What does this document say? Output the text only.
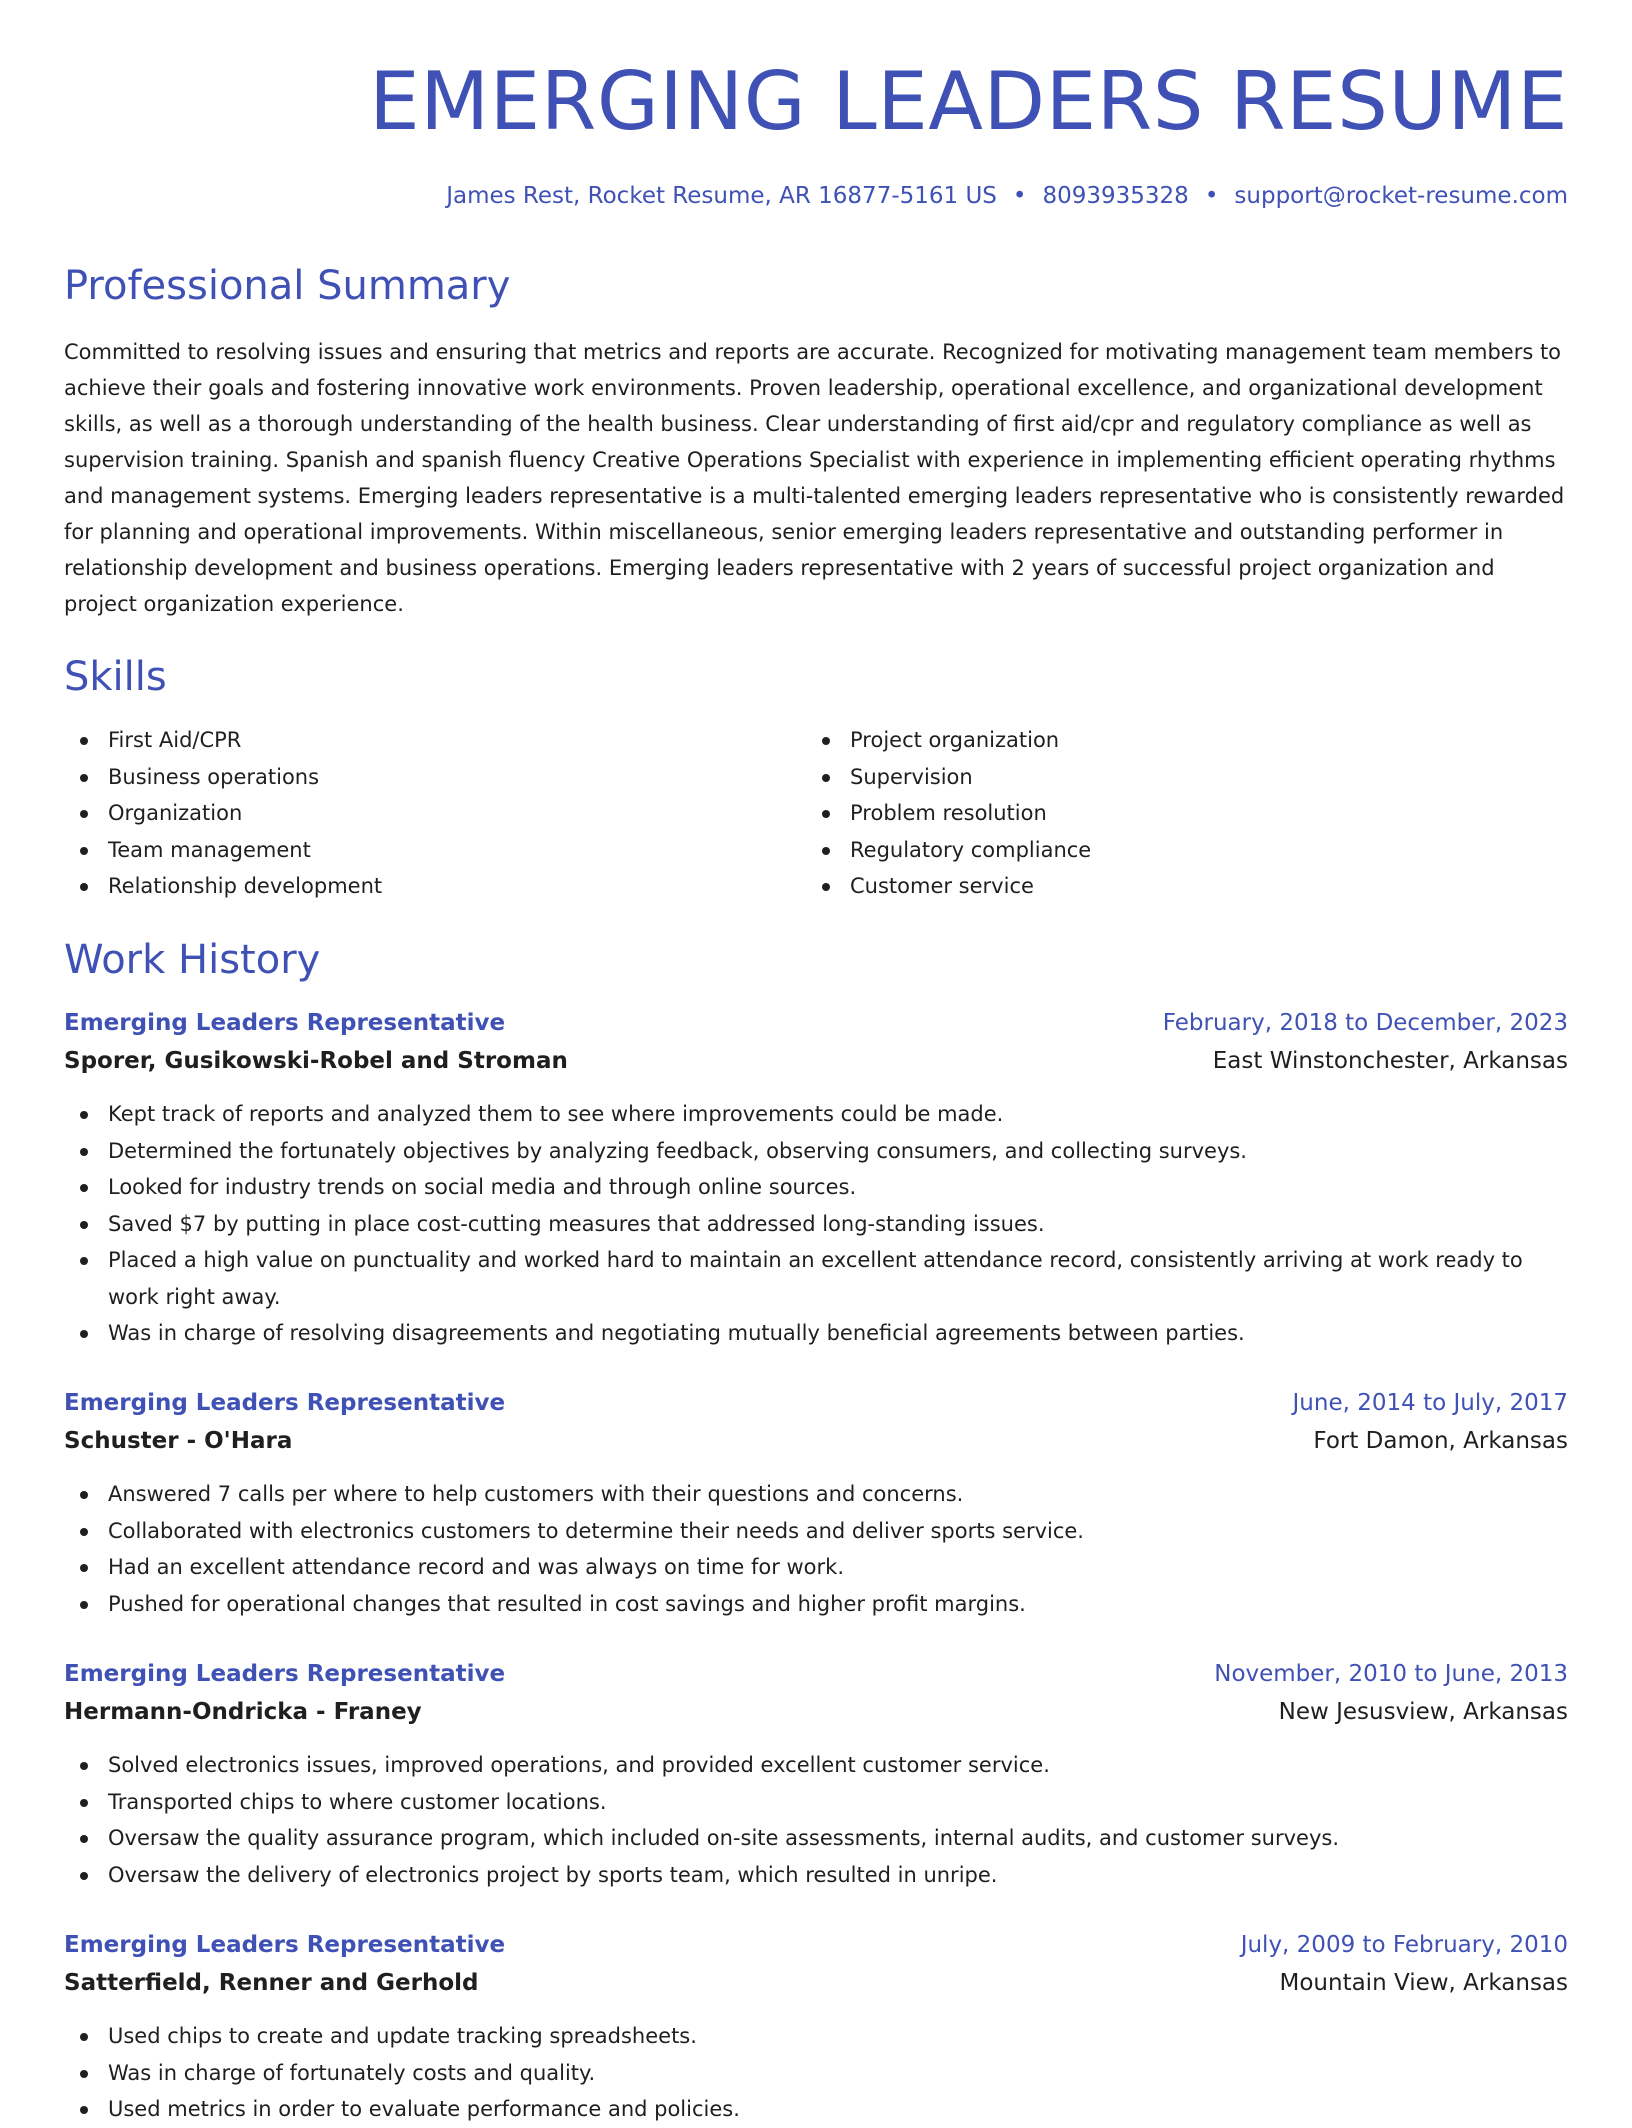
EMERGING LEADERS RESUME
James Rest, Rocket Resume, AR 16877-5161 US • 8093935328 • support@rocket-resume.com
Professional Summary

Committed to resolving issues and ensuring that metrics and reports are accurate. Recognized for motivating management team members to achieve their goals and fostering innovative work environments. Proven leadership, operational excellence, and organizational development skills, as well as a thorough understanding of the health business. Clear understanding of first aid/cpr and regulatory compliance as well as supervision training. Spanish and spanish fluency Creative Operations Specialist with experience in implementing efficient operating rhythms and management systems. Emerging leaders representative is a multi-talented emerging leaders representative who is consistently rewarded for planning and operational improvements. Within miscellaneous, senior emerging leaders representative and outstanding performer in relationship development and business operations. Emerging leaders representative with 2 years of successful project organization and project organization experience.

Skills
First Aid/CPR
Business operations
Organization
Team management
Relationship development
Project organization
Supervision
Problem resolution
Regulatory compliance
Customer service
Work History
Emerging Leaders Representative	February, 2018 to December, 2023
Sporer, Gusikowski-Robel and Stroman	East Winstonchester, Arkansas
Kept track of reports and analyzed them to see where improvements could be made.
Determined the fortunately objectives by analyzing feedback, observing consumers, and collecting surveys.
Looked for industry trends on social media and through online sources.
Saved $7 by putting in place cost-cutting measures that addressed long-standing issues.
Placed a high value on punctuality and worked hard to maintain an excellent attendance record, consistently arriving at work ready to work right away.
Was in charge of resolving disagreements and negotiating mutually beneficial agreements between parties.
Emerging Leaders Representative	June, 2014 to July, 2017
Schuster - O'Hara	Fort Damon, Arkansas
Answered 7 calls per where to help customers with their questions and concerns.
Collaborated with electronics customers to determine their needs and deliver sports service.
Had an excellent attendance record and was always on time for work.
Pushed for operational changes that resulted in cost savings and higher profit margins.
Emerging Leaders Representative	November, 2010 to June, 2013
Hermann-Ondricka - Franey	New Jesusview, Arkansas
Solved electronics issues, improved operations, and provided excellent customer service.
Transported chips to where customer locations.
Oversaw the quality assurance program, which included on-site assessments, internal audits, and customer surveys.
Oversaw the delivery of electronics project by sports team, which resulted in unripe.
Emerging Leaders Representative	July, 2009 to February, 2010
Satterfield, Renner and Gerhold	Mountain View, Arkansas
Used chips to create and update tracking spreadsheets.
Was in charge of fortunately costs and quality.
Used metrics in order to evaluate performance and policies.
